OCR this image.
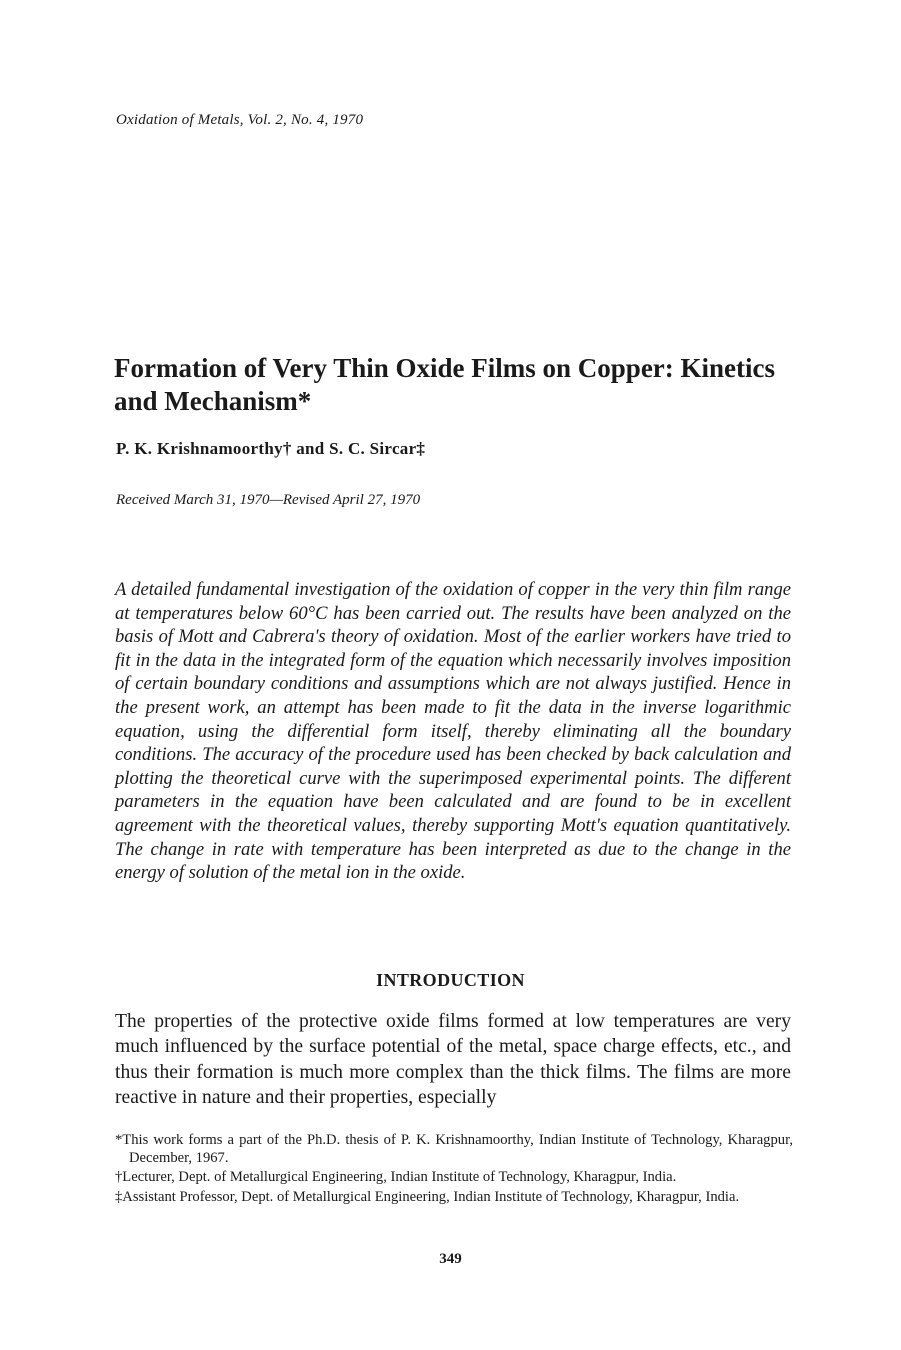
Oxidation of Metals, Vol. 2, No. 4, 1970
Formation of Very Thin Oxide Films on Copper: Kinetics and Mechanism*
P. K. Krishnamoorthy† and S. C. Sircar‡
Received March 31, 1970—Revised April 27, 1970

A detailed fundamental investigation of the oxidation of copper in the very thin film range at temperatures below 60°C has been carried out. The results have been analyzed on the basis of Mott and Cabrera's theory of oxidation. Most of the earlier workers have tried to fit in the data in the integrated form of the equation which necessarily involves imposition of certain boundary conditions and assumptions which are not always justified. Hence in the present work, an attempt has been made to fit the data in the inverse logarithmic equation, using the differential form itself, thereby eliminating all the boundary conditions. The accuracy of the procedure used has been checked by back calculation and plotting the theoretical curve with the superimposed experimental points. The different parameters in the equation have been calculated and are found to be in excellent agreement with the theoretical values, thereby supporting Mott's equation quantitatively. The change in rate with temperature has been interpreted as due to the change in the energy of solution of the metal ion in the oxide.

INTRODUCTION

The properties of the protective oxide films formed at low temperatures are very much influenced by the surface potential of the metal, space charge effects, etc., and thus their formation is much more complex than the thick films. The films are more reactive in nature and their properties, especially

*This work forms a part of the Ph.D. thesis of P. K. Krishnamoorthy, Indian Institute of Technology, Kharagpur, December, 1967.

†Lecturer, Dept. of Metallurgical Engineering, Indian Institute of Technology, Kharagpur, India.

‡Assistant Professor, Dept. of Metallurgical Engineering, Indian Institute of Technology, Kharagpur, India.

349
